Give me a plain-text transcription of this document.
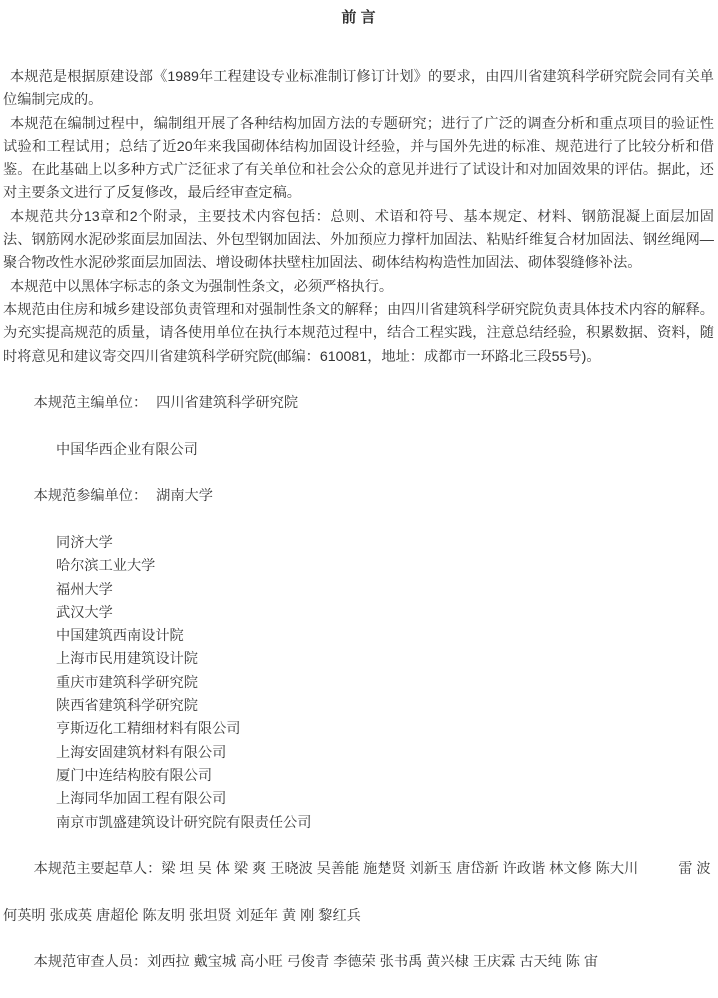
前 言

本规范是根据原建设部《1989年工程建设专业标准制订修订计划》的要求，由四川省建筑科学研究院会同有关单位编制完成的。

本规范在编制过程中，编制组开展了各种结构加固方法的专题研究；进行了广泛的调查分析和重点项目的验证性试验和工程试用；总结了近20年来我国砌体结构加固设计经验，并与国外先进的标准、规范进行了比较分析和借鉴。在此基础上以多种方式广泛征求了有关单位和社会公众的意见并进行了试设计和对加固效果的评估。据此，还对主要条文进行了反复修改，最后经审查定稿。

本规范共分13章和2个附录，主要技术内容包括：总则、术语和符号、基本规定、材料、钢筋混凝上面层加固法、钢筋网水泥砂浆面层加固法、外包型钢加固法、外加预应力撑杆加固法、粘贴纤维复合材加固法、钢丝绳网—聚合物改性水泥砂浆面层加固法、增设砌体扶壁柱加固法、砌体结构构造性加固法、砌体裂缝修补法。

本规范中以黑体字标志的条文为强制性条文，必须严格执行。

本规范由住房和城乡建设部负责管理和对强制性条文的解释；由四川省建筑科学研究院负责具体技术内容的解释。为充实提高规范的质量，请各使用单位在执行本规范过程中，结合工程实践，注意总结经验，积累数据、资料，随时将意见和建议寄交四川省建筑科学研究院(邮编：610081，地址：成都市一环路北三段55号)。

本规范主编单位： 四川省建筑科学研究院

中国华西企业有限公司

本规范参编单位： 湖南大学

同济大学
哈尔滨工业大学
福州大学
武汉大学
中国建筑西南设计院
上海市民用建筑设计院
重庆市建筑科学研究院
陕西省建筑科学研究院
亨斯迈化工精细材料有限公司
上海安固建筑材料有限公司
厦门中连结构胶有限公司
上海同华加固工程有限公司
南京市凯盛建筑设计研究院有限责任公司

本规范主要起草人：梁 坦 吴 体 梁 爽 王晓波 吴善能 施楚贤 刘新玉 唐岱新 许政谐 林文修 陈大川	雷 波

何英明 张成英 唐超伦 陈友明 张坦贤 刘延年 黄 刚 黎红兵

本规范审查人员：刘西拉 戴宝城 高小旺 弓俊青 李德荣 张书禹 黄兴棣 王庆霖 古天纯 陈 宙
